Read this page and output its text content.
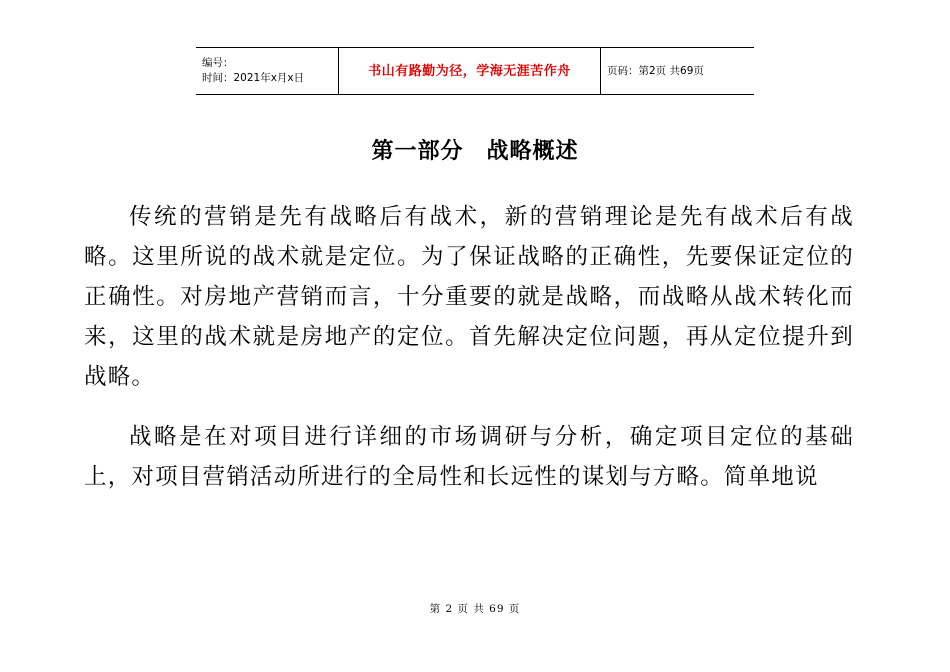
编号：
时间：2021年x月x日	书山有路勤为径，学海无涯苦作舟	页码：第2页 共69页
第一部分　战略概述

传统的营销是先有战略后有战术，新的营销理论是先有战术后有战略。这里所说的战术就是定位。为了保证战略的正确性，先要保证定位的正确性。对房地产营销而言，十分重要的就是战略，而战略从战术转化而来，这里的战术就是房地产的定位。首先解决定位问题，再从定位提升到战略。

战略是在对项目进行详细的市场调研与分析，确定项目定位的基础上，对项目营销活动所进行的全局性和长远性的谋划与方略。简单地说

第 2 页 共 69 页
